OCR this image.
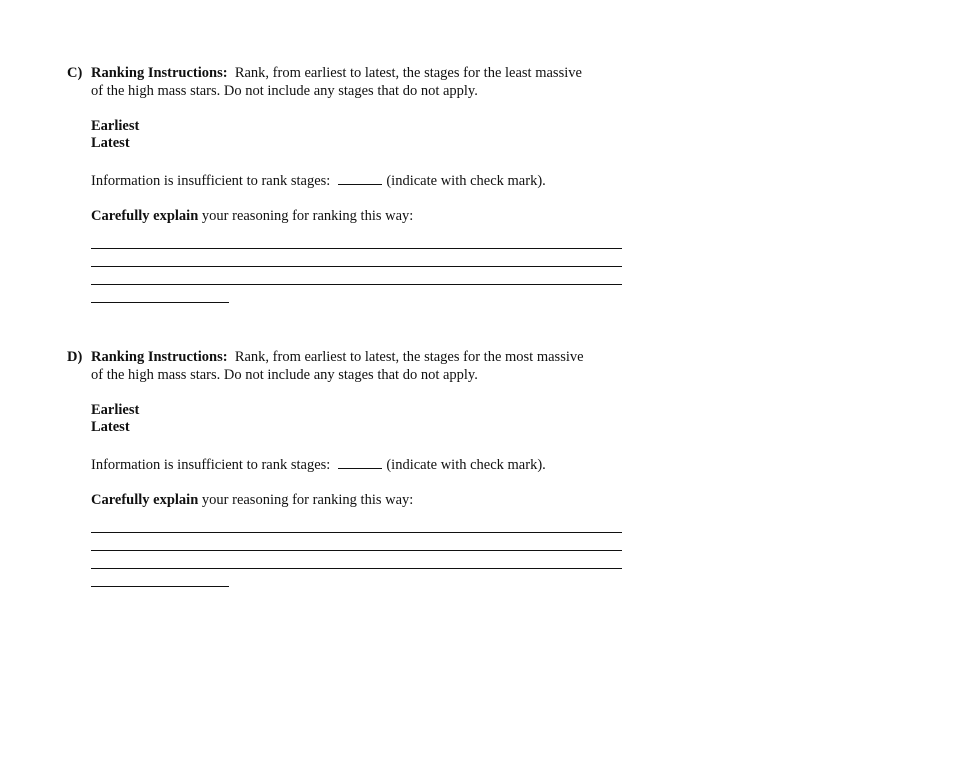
C) Ranking Instructions: Rank, from earliest to latest, the stages for the least massive
of the high mass stars. Do not include any stages that do not apply.
Earliest
Latest
Information is insufficient to rank stages:	(indicate with check mark).
Carefully explain your reasoning for ranking this way:
D) Ranking Instructions: Rank, from earliest to latest, the stages for the most massive
of the high mass stars. Do not include any stages that do not apply.
Earliest
Latest
Information is insufficient to rank stages:	(indicate with check mark).
Carefully explain your reasoning for ranking this way:
